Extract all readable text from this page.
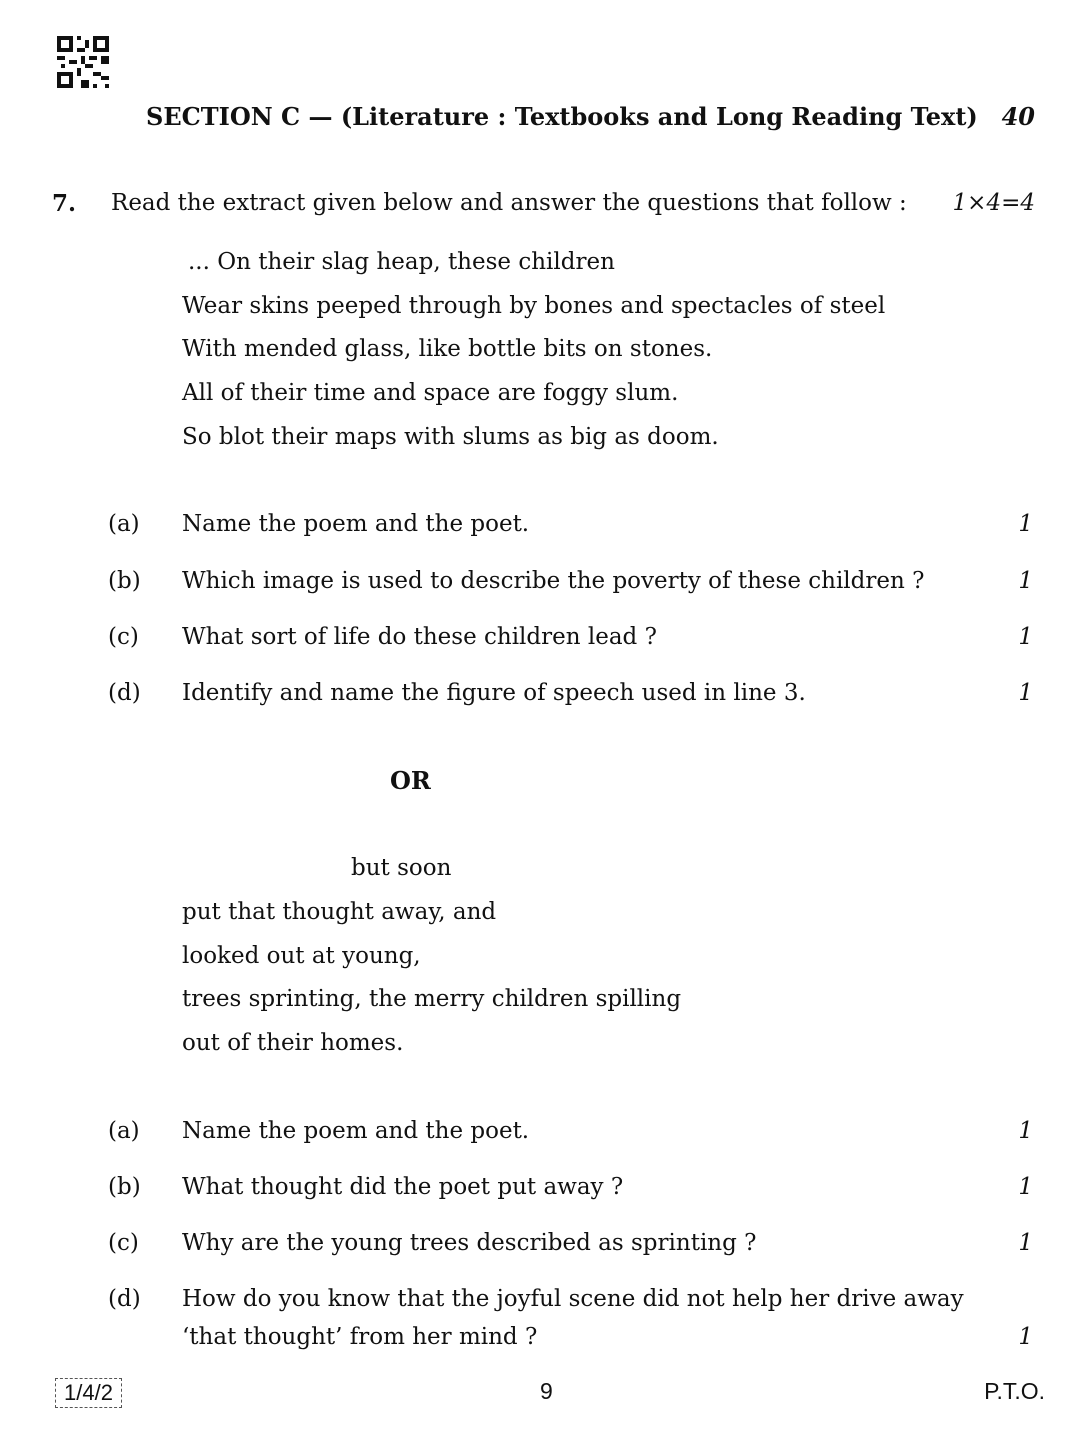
SECTION C — (Literature : Textbooks and Long Reading Text) 40
7. Read the extract given below and answer the questions that follow : 1×4=4
... On their slag heap, these children
Wear skins peeped through by bones and spectacles of steel
With mended glass, like bottle bits on stones.
All of their time and space are foggy slum.
So blot their maps with slums as big as doom.
(a) Name the poem and the poet.	1
(b) Which image is used to describe the poverty of these children ?	1
(c) What sort of life do these children lead ?	1
(d) Identify and name the figure of speech used in line 3.	1
OR
but soon
put that thought away, and
looked out at young,
trees sprinting, the merry children spilling
out of their homes.
(a) Name the poem and the poet.	1
(b) What thought did the poet put away ?	1
(c) Why are the young trees described as sprinting ?	1
(d) How do you know that the joyful scene did not help her drive away
‘that thought’ from her mind ?	1
1/4/2	9	P.T.O.
